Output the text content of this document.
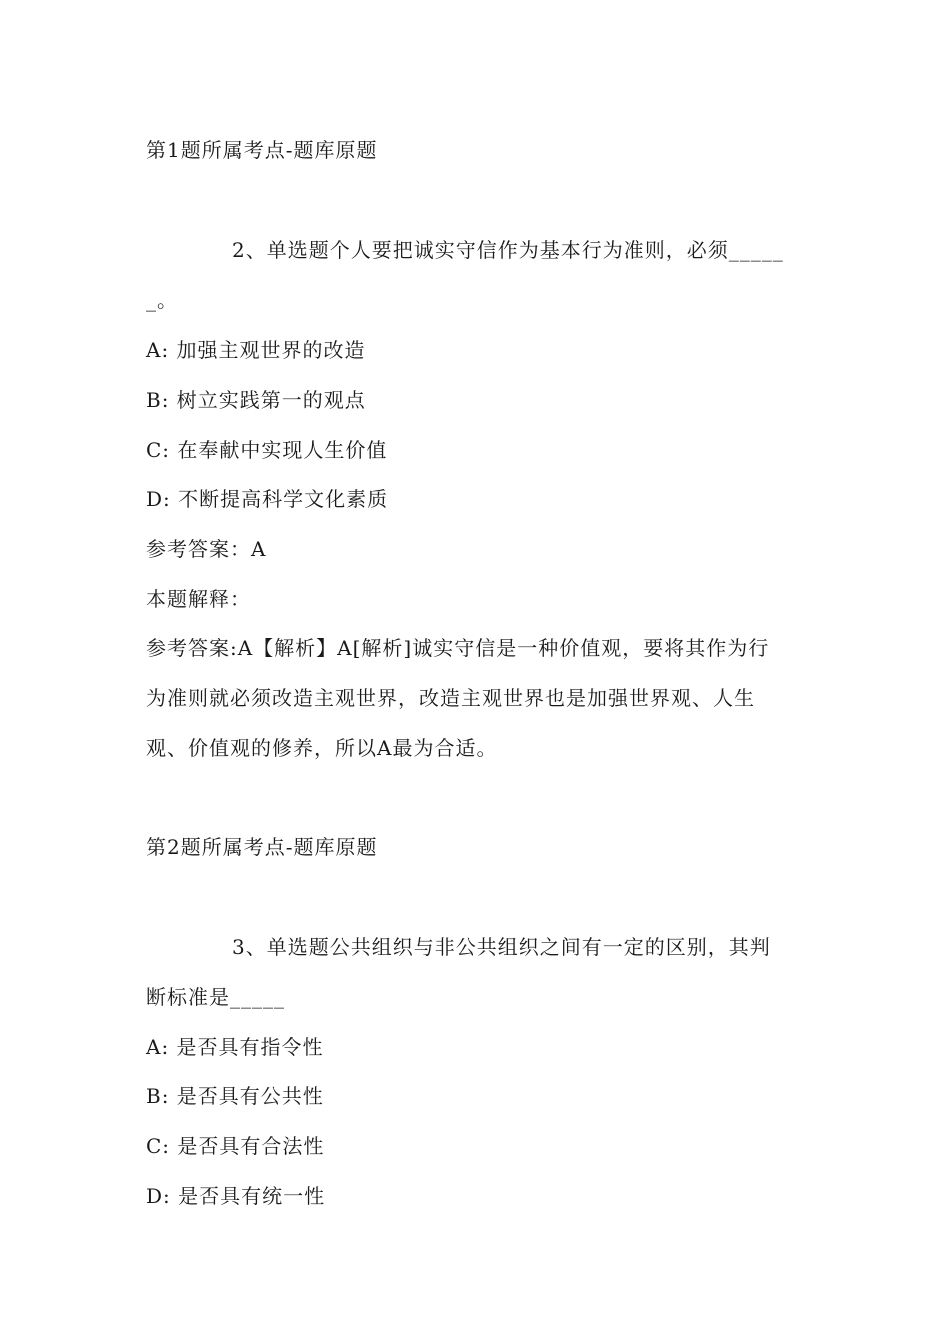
第1题所属考点-题库原题
2、单选题个人要把诚实守信作为基本行为准则，必须_____
_。
A: 加强主观世界的改造
B: 树立实践第一的观点
C: 在奉献中实现人生价值
D: 不断提高科学文化素质
参考答案：A
本题解释：
参考答案:A【解析】A[解析]诚实守信是一种价值观，要将其作为行
为准则就必须改造主观世界，改造主观世界也是加强世界观、人生
观、价值观的修养，所以A最为合适。
第2题所属考点-题库原题
3、单选题公共组织与非公共组织之间有一定的区别，其判
断标准是_____
A: 是否具有指令性
B: 是否具有公共性
C: 是否具有合法性
D: 是否具有统一性
